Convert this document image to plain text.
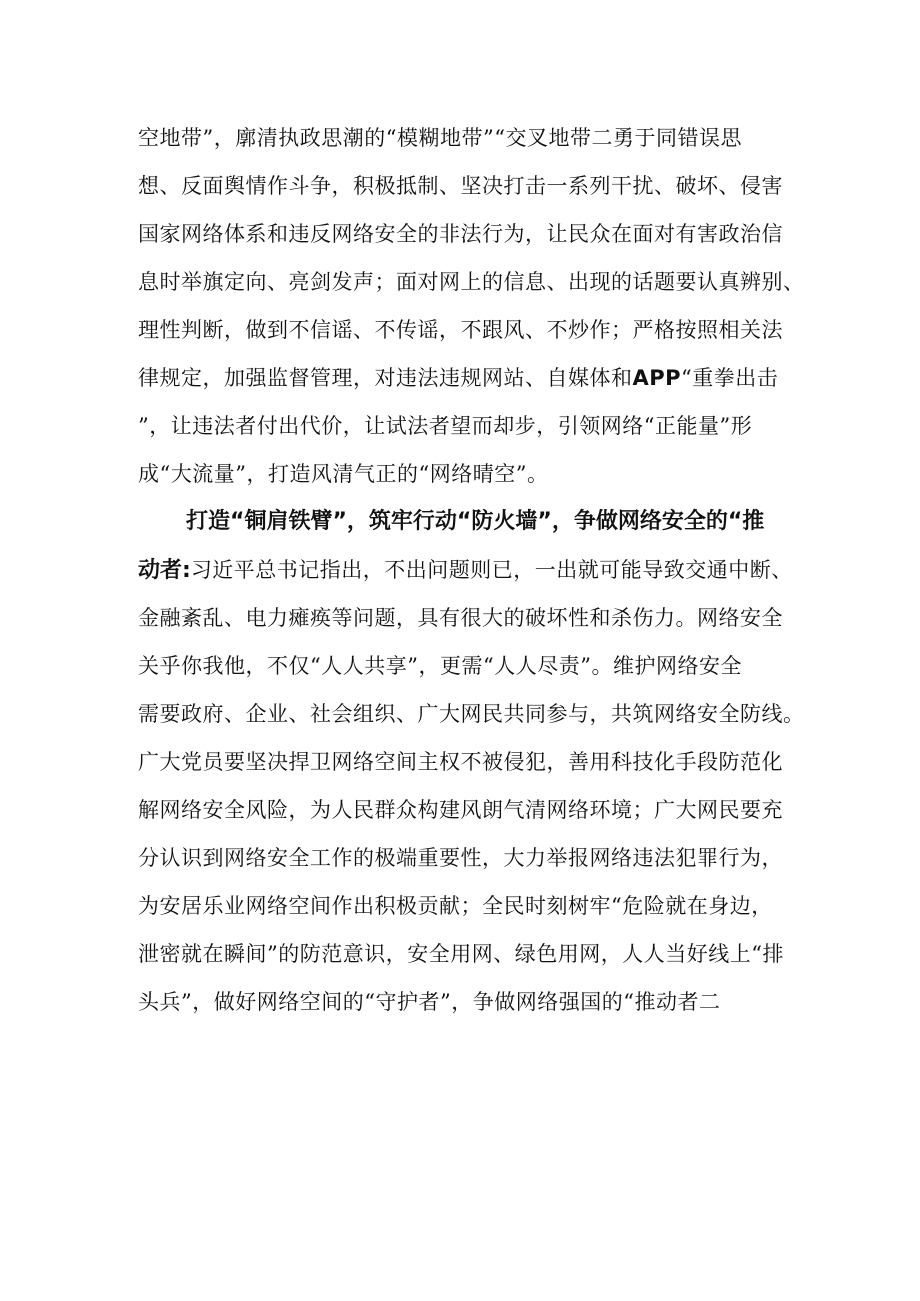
空地带”，廓清执政思潮的“模糊地带”“交叉地带二勇于同错误思
想、反面舆情作斗争，积极抵制、坚决打击一系列干扰、破坏、侵害
国家网络体系和违反网络安全的非法行为，让民众在面对有害政治信
息时举旗定向、亮剑发声；面对网上的信息、出现的话题要认真辨别、
理性判断，做到不信谣、不传谣，不跟风、不炒作；严格按照相关法
律规定，加强监督管理，对违法违规网站、自媒体和APP“重拳出击
”，让违法者付出代价，让试法者望而却步，引领网络“正能量”形
成“大流量”，打造风清气正的“网络晴空”。
打造“铜肩铁臂”，筑牢行动“防火墙”，争做网络安全的“推
动者:习近平总书记指出，不出问题则已，一出就可能导致交通中断、
金融紊乱、电力瘫痪等问题，具有很大的破坏性和杀伤力。网络安全
关乎你我他，不仅“人人共享”，更需“人人尽责”。维护网络安全
需要政府、企业、社会组织、广大网民共同参与，共筑网络安全防线。
广大党员要坚决捍卫网络空间主权不被侵犯，善用科技化手段防范化
解网络安全风险，为人民群众构建风朗气清网络环境；广大网民要充
分认识到网络安全工作的极端重要性，大力举报网络违法犯罪行为，
为安居乐业网络空间作出积极贡献；全民时刻树牢“危险就在身边，
泄密就在瞬间”的防范意识，安全用网、绿色用网，人人当好线上“排
头兵”，做好网络空间的“守护者”，争做网络强国的“推动者二
